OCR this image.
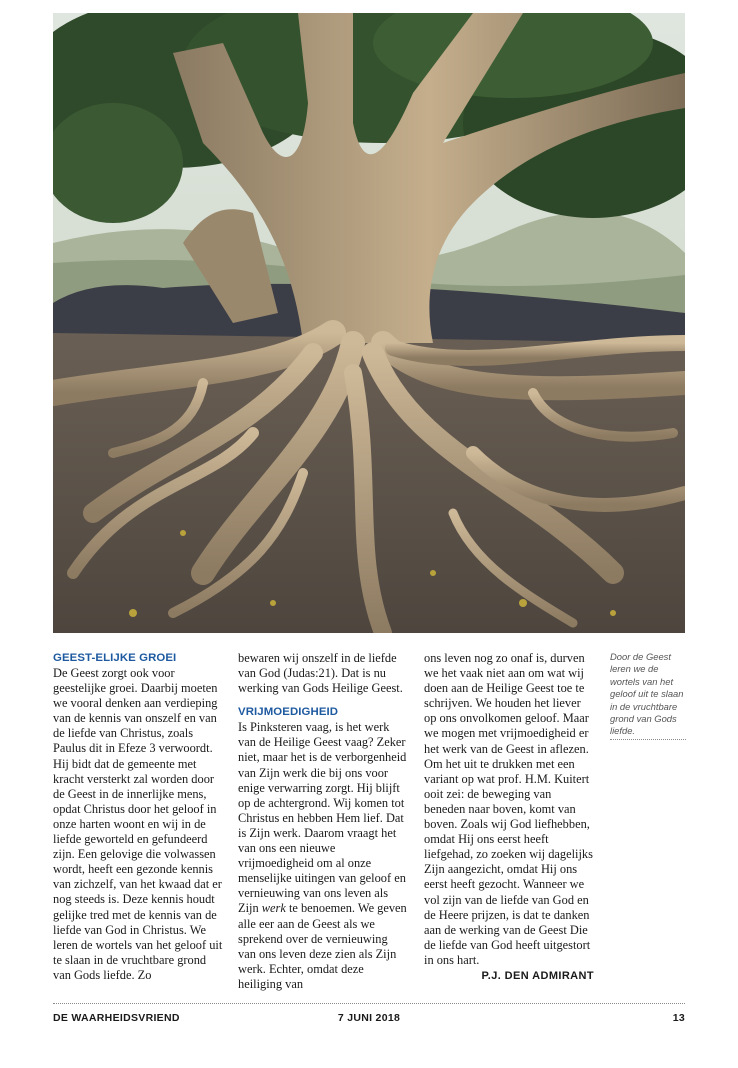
GEEST-ELIJKE GROEI

De Geest zorgt ook voor geestelijke groei. Daarbij moeten we vooral denken aan verdieping van de kennis van onszelf en van de liefde van Christus, zoals Paulus dit in Efeze 3 verwoordt. Hij bidt dat de gemeente met kracht versterkt zal worden door de Geest in de innerlijke mens, opdat Christus door het geloof in onze harten woont en wij in de liefde geworteld en gefundeerd zijn. Een gelovige die volwassen wordt, heeft een gezonde kennis van zichzelf, van het kwaad dat er nog steeds is. Deze kennis houdt gelijke tred met de kennis van de liefde van God in Christus. We leren de wortels van het geloof uit te slaan in de vruchtbare grond van Gods liefde. Zo

bewaren wij onszelf in de liefde van God (Judas:21). Dat is nu werking van Gods Heilige Geest.

VRIJMOEDIGHEID

Is Pinksteren vaag, is het werk van de Heilige Geest vaag? Zeker niet, maar het is de verborgenheid van Zijn werk die bij ons voor enige verwarring zorgt. Hij blijft op de achtergrond. Wij komen tot Christus en hebben Hem lief. Dat is Zijn werk. Daarom vraagt het van ons een nieuwe vrijmoedigheid om al onze menselijke uitingen van geloof en vernieuwing van ons leven als Zijn werk te benoemen. We geven alle eer aan de Geest als we sprekend over de vernieuwing van ons leven deze zien als Zijn werk. Echter, omdat deze heiliging van

ons leven nog zo onaf is, durven we het vaak niet aan om wat wij doen aan de Heilige Geest toe te schrijven. We houden het liever op ons onvolkomen geloof. Maar we mogen met vrijmoedigheid er het werk van de Geest in aflezen. Om het uit te drukken met een variant op wat prof. H.M. Kuitert ooit zei: de beweging van beneden naar boven, komt van boven. Zoals wij God liefhebben, omdat Hij ons eerst heeft liefgehad, zo zoeken wij dagelijks Zijn aangezicht, omdat Hij ons eerst heeft gezocht. Wanneer we vol zijn van de liefde van God en de Heere prijzen, is dat te danken aan de werking van de Geest Die de liefde van God heeft uitgestort in ons hart.

P.J. DEN ADMIRANT
Door de Geest leren we de wortels van het geloof uit te slaan in de vruchtbare grond van Gods liefde.
DE WAARHEIDSVRIEND	7 JUNI 2018	13
